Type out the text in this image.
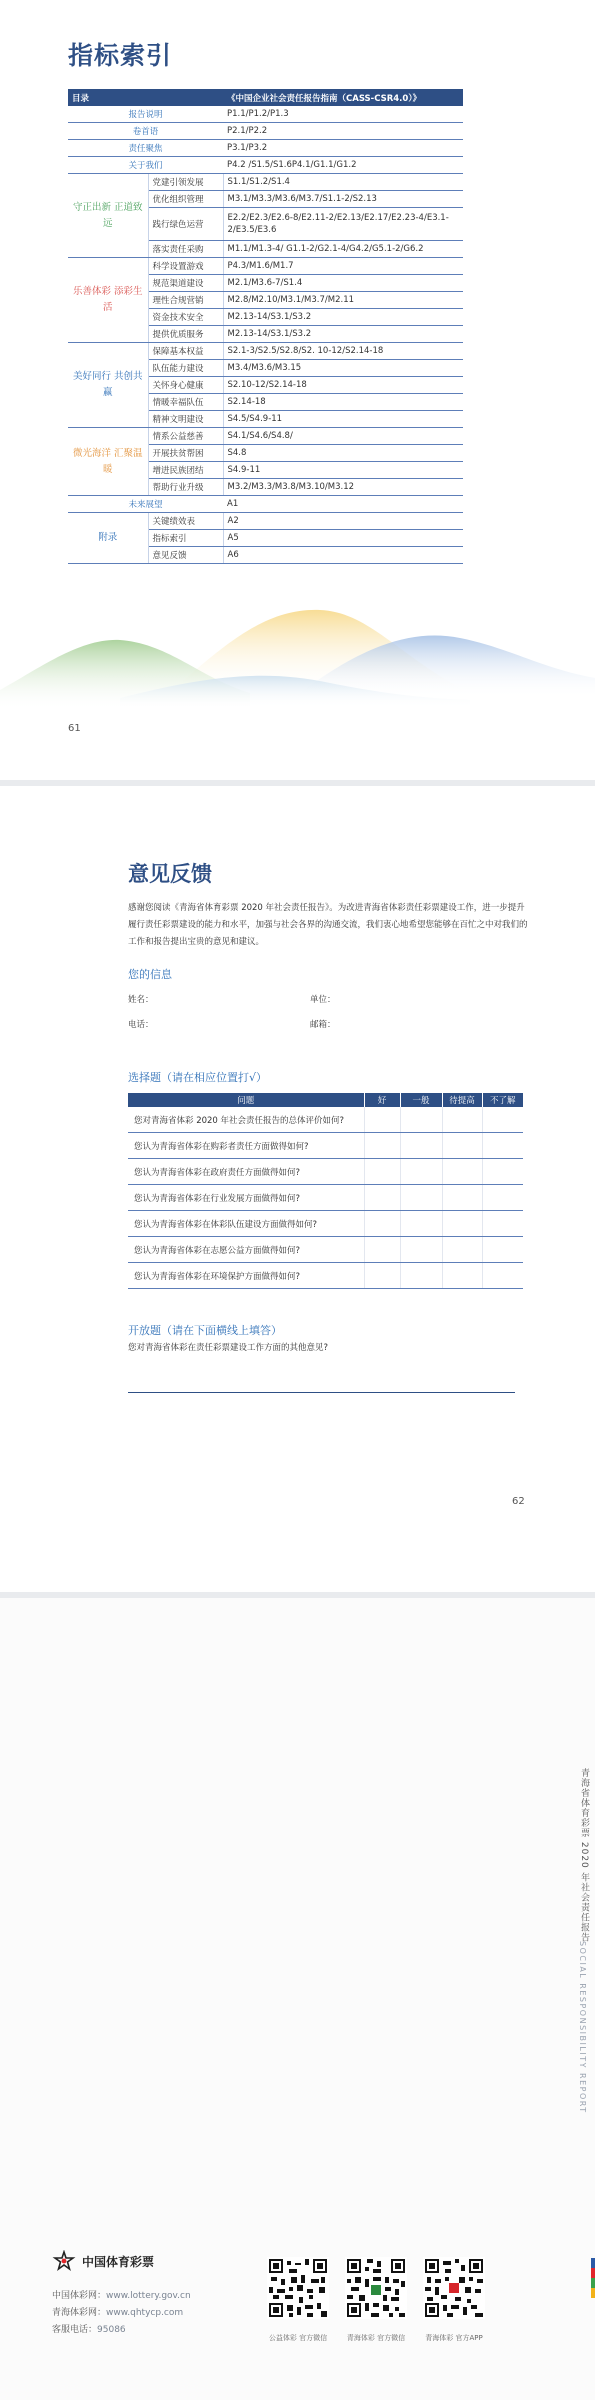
指标索引
目录		《中国企业社会责任报告指南（CASS-CSR4.0）》
报告说明		P1.1/P1.2/P1.3
卷首语		P2.1/P2.2
责任聚焦		P3.1/P3.2
关于我们		P4.2 /S1.5/S1.6P4.1/G1.1/G1.2
守正出新 正道致远	党建引领发展	S1.1/S1.2/S1.4
	优化组织管理	M3.1/M3.3/M3.6/M3.7/S1.1-2/S2.13
	践行绿色运营	E2.2/E2.3/E2.6-8/E2.11-2/E2.13/E2.17/E2.23-4/E3.1-2/E3.5/E3.6
	落实责任采购	M1.1/M1.3-4/ G1.1-2/G2.1-4/G4.2/G5.1-2/G6.2
乐善体彩 添彩生活	科学设置游戏	P4.3/M1.6/M1.7
	规范渠道建设	M2.1/M3.6-7/S1.4
	理性合规营销	M2.8/M2.10/M3.1/M3.7/M2.11
	资金技术安全	M2.13-14/S3.1/S3.2
	提供优质服务	M2.13-14/S3.1/S3.2
美好同行 共创共赢	保障基本权益	S2.1-3/S2.5/S2.8/S2. 10-12/S2.14-18
	队伍能力建设	M3.4/M3.6/M3.15
	关怀身心健康	S2.10-12/S2.14-18
	情暖幸福队伍	S2.14-18
	精神文明建设	S4.5/S4.9-11
微光海洋 汇聚温暖	情系公益慈善	S4.1/S4.6/S4.8/
	开展扶贫帮困	S4.8
	增进民族团结	S4.9-11
	帮助行业升级	M3.2/M3.3/M3.8/M3.10/M3.12
未来展望		A1
附录	关键绩效表	A2
	指标索引	A5
	意见反馈	A6
61
意见反馈

感谢您阅读《青海省体育彩票 2020 年社会责任报告》。为改进青海省体彩责任彩票建设工作，进一步提升履行责任彩票建设的能力和水平，加强与社会各界的沟通交流，我们衷心地希望您能够在百忙之中对我们的工作和报告提出宝贵的意见和建议。

您的信息
姓名：	单位：
电话：	邮箱：
选择题（请在相应位置打√）
问题	好	一般	待提高	不了解
您对青海省体彩 2020 年社会责任报告的总体评价如何?				
您认为青海省体彩在购彩者责任方面做得如何?				
您认为青海省体彩在政府责任方面做得如何?				
您认为青海省体彩在行业发展方面做得如何?				
您认为青海省体彩在体彩队伍建设方面做得如何?				
您认为青海省体彩在志愿公益方面做得如何?				
您认为青海省体彩在环境保护方面做得如何?				
开放题（请在下面横线上填答）
您对青海省体彩在责任彩票建设工作方面的其他意见?
62
青海省体育彩票 2020 年社会责任报告
SOCIAL RESPONSIBILITY REPORT
中国体育彩票
中国体彩网：www.lottery.gov.cn
青海体彩网：www.qhtycp.com
客服电话：95086
公益体彩 官方微信	青海体彩 官方微信	青海体彩 官方APP
